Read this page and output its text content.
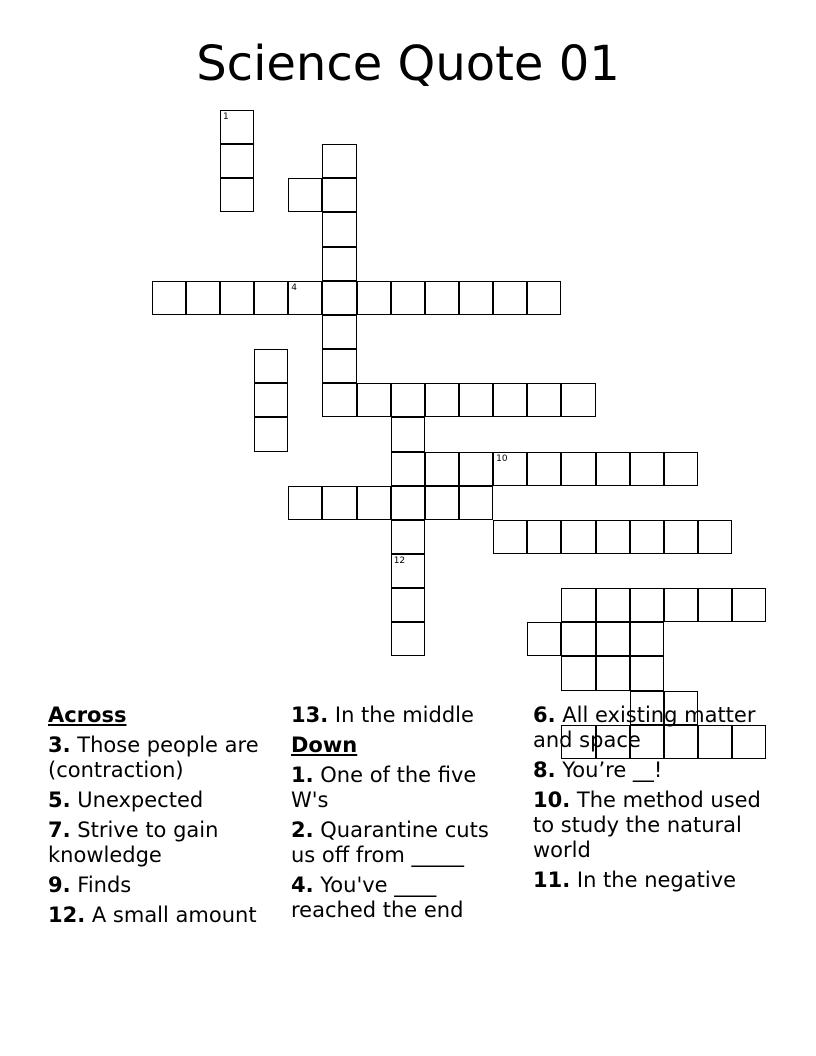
Science Quote 01
1
4
12
10
Across
3. Those people are (contraction)
5. Unexpected
7. Strive to gain knowledge
9. Finds
12. A small amount
13. In the middle
Down
1. One of the five W's
2. Quarantine cuts us off from _____
4. You've ____ reached the end
6. All existing matter and space
8. You’re __!
10. The method used to study the natural world
11. In the negative
